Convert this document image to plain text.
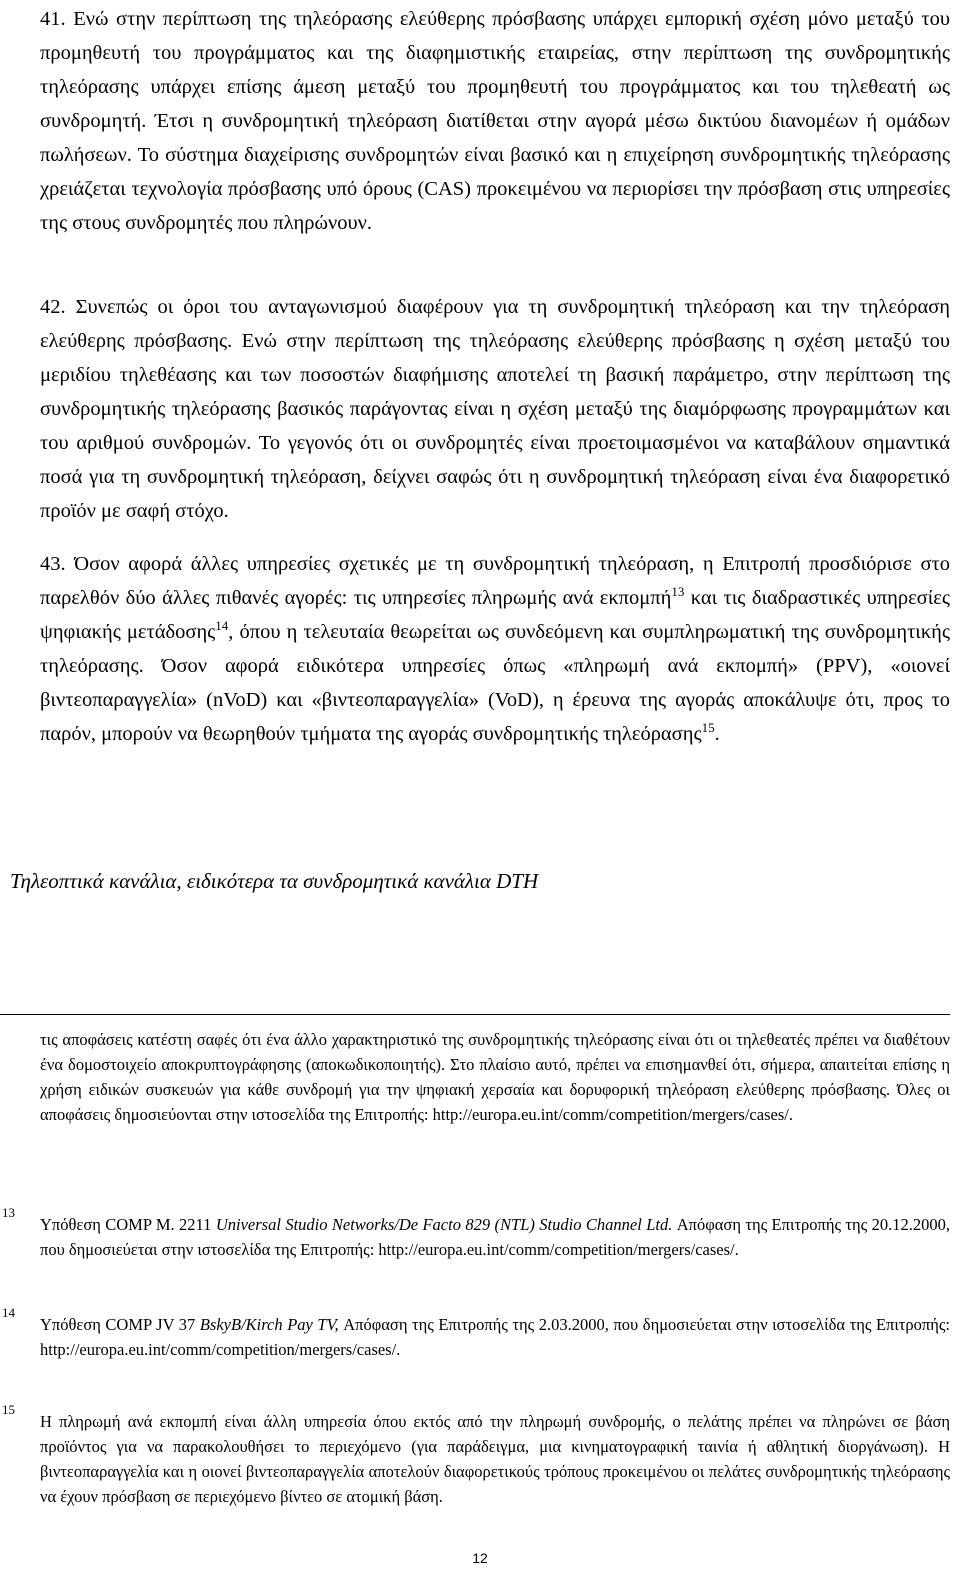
41. Ενώ στην περίπτωση της τηλεόρασης ελεύθερης πρόσβασης υπάρχει εμπορική σχέση μόνο μεταξύ του προμηθευτή του προγράμματος και της διαφημιστικής εταιρείας, στην περίπτωση της συνδρομητικής τηλεόρασης υπάρχει επίσης άμεση μεταξύ του προμηθευτή του προγράμματος και του τηλεθεατή ως συνδρομητή. Έτσι η συνδρομητική τηλεόραση διατίθεται στην αγορά μέσω δικτύου διανομέων ή ομάδων πωλήσεων. Το σύστημα διαχείρισης συνδρομητών είναι βασικό και η επιχείρηση συνδρομητικής τηλεόρασης χρειάζεται τεχνολογία πρόσβασης υπό όρους (CAS) προκειμένου να περιορίσει την πρόσβαση στις υπηρεσίες της στους συνδρομητές που πληρώνουν.

42. Συνεπώς οι όροι του ανταγωνισμού διαφέρουν για τη συνδρομητική τηλεόραση και την τηλεόραση ελεύθερης πρόσβασης. Ενώ στην περίπτωση της τηλεόρασης ελεύθερης πρόσβασης η σχέση μεταξύ του μεριδίου τηλεθέασης και των ποσοστών διαφήμισης αποτελεί τη βασική παράμετρο, στην περίπτωση της συνδρομητικής τηλεόρασης βασικός παράγοντας είναι η σχέση μεταξύ της διαμόρφωσης προγραμμάτων και του αριθμού συνδρομών. Το γεγονός ότι οι συνδρομητές είναι προετοιμασμένοι να καταβάλουν σημαντικά ποσά για τη συνδρομητική τηλεόραση, δείχνει σαφώς ότι η συνδρομητική τηλεόραση είναι ένα διαφορετικό προϊόν με σαφή στόχο.

43. Όσον αφορά άλλες υπηρεσίες σχετικές με τη συνδρομητική τηλεόραση, η Επιτροπή προσδιόρισε στο παρελθόν δύο άλλες πιθανές αγορές: τις υπηρεσίες πληρωμής ανά εκπομπή$^{13}$ και τις διαδραστικές υπηρεσίες ψηφιακής μετάδοσης$^{14}$, όπου η τελευταία θεωρείται ως συνδεόμενη και συμπληρωματική της συνδρομητικής τηλεόρασης. Όσον αφορά ειδικότερα υπηρεσίες όπως «πληρωμή ανά εκπομπή» (PPV), «οιονεί βιντεοπαραγγελία» (nVoD) και «βιντεοπαραγγελία» (VoD), η έρευνα της αγοράς αποκάλυψε ότι, προς το παρόν, μπορούν να θεωρηθούν τμήματα της αγοράς συνδρομητικής τηλεόρασης$^{15}$.

Τηλεοπτικά κανάλια, ειδικότερα τα συνδρομητικά κανάλια DTH

τις αποφάσεις κατέστη σαφές ότι ένα άλλο χαρακτηριστικό της συνδρομητικής τηλεόρασης είναι ότι οι τηλεθεατές πρέπει να διαθέτουν ένα δομοστοιχείο αποκρυπτογράφησης (αποκωδικοποιητής). Στο πλαίσιο αυτό, πρέπει να επισημανθεί ότι, σήμερα, απαιτείται επίσης η χρήση ειδικών συσκευών για κάθε συνδρομή για την ψηφιακή χερσαία και δορυφορική τηλεόραση ελεύθερης πρόσβασης. Όλες οι αποφάσεις δημοσιεύονται στην ιστοσελίδα της Επιτροπής: http://europa.eu.int/comm/competition/mergers/cases/.

13

Υπόθεση COMP M. 2211 Universal Studio Networks/De Facto 829 (NTL) Studio Channel Ltd. Απόφαση της Επιτροπής της 20.12.2000, που δημοσιεύεται στην ιστοσελίδα της Επιτροπής: http://europa.eu.int/comm/competition/mergers/cases/.

14

Υπόθεση COMP JV 37 BskyB/Kirch Pay TV, Απόφαση της Επιτροπής της 2.03.2000, που δημοσιεύεται στην ιστοσελίδα της Επιτροπής: http://europa.eu.int/comm/competition/mergers/cases/.

15

Η πληρωμή ανά εκπομπή είναι άλλη υπηρεσία όπου εκτός από την πληρωμή συνδρομής, ο πελάτης πρέπει να πληρώνει σε βάση προϊόντος για να παρακολουθήσει το περιεχόμενο (για παράδειγμα, μια κινηματογραφική ταινία ή αθλητική διοργάνωση). Η βιντεοπαραγγελία και η οιονεί βιντεοπαραγγελία αποτελούν διαφορετικούς τρόπους προκειμένου οι πελάτες συνδρομητικής τηλεόρασης να έχουν πρόσβαση σε περιεχόμενο βίντεο σε ατομική βάση.

12
